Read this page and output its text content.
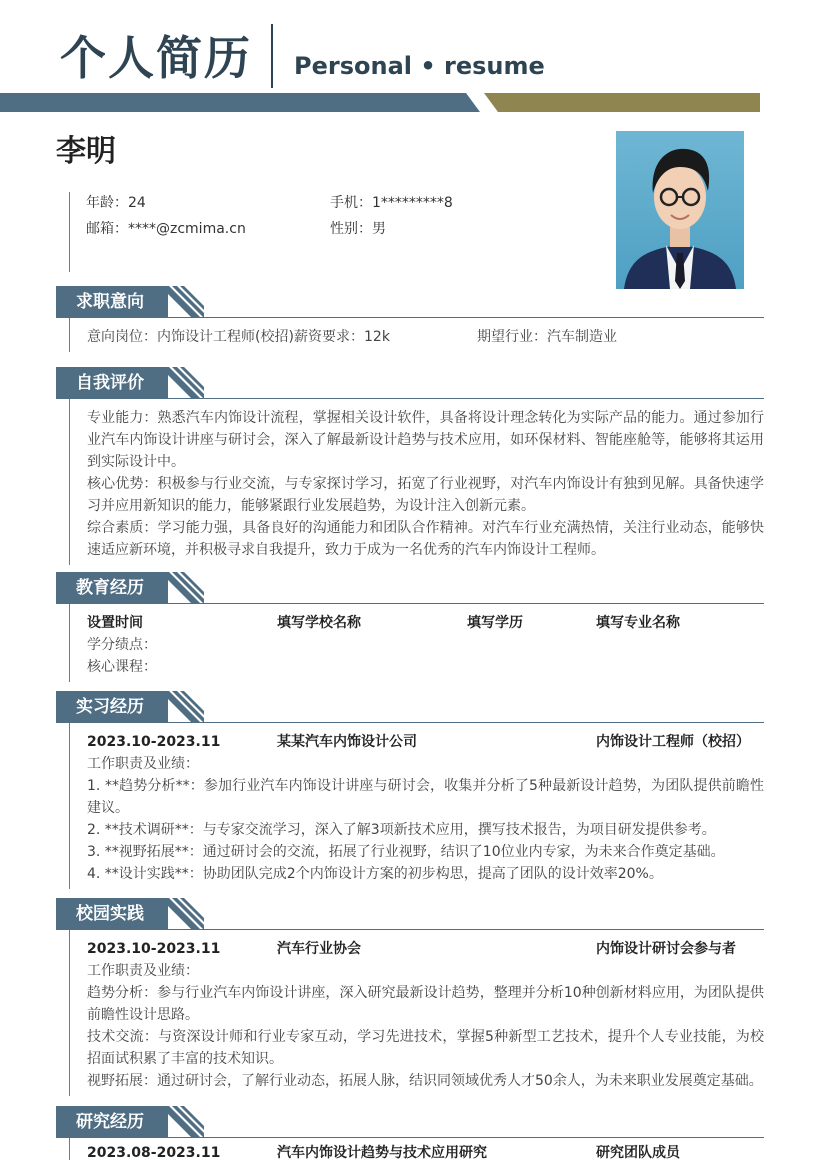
个人简历 Personal • resume
李明
年龄：24	手机：1*********8
邮箱：****@zcmima.cn	性别：男
求职意向
意向岗位：内饰设计工程师(校招) 薪资要求：12k	期望行业：汽车制造业
自我评价

专业能力：熟悉汽车内饰设计流程，掌握相关设计软件，具备将设计理念转化为实际产品的能力。通过参加行业汽车内饰设计讲座与研讨会，深入了解最新设计趋势与技术应用，如环保材料、智能座舱等，能够将其运用到实际设计中。

核心优势：积极参与行业交流，与专家探讨学习，拓宽了行业视野，对汽车内饰设计有独到见解。具备快速学习并应用新知识的能力，能够紧跟行业发展趋势，为设计注入创新元素。

综合素质：学习能力强，具备良好的沟通能力和团队合作精神。对汽车行业充满热情，关注行业动态，能够快速适应新环境，并积极寻求自我提升，致力于成为一名优秀的汽车内饰设计工程师。

教育经历
设置时间	填写学校名称	填写学历	填写专业名称
学分绩点：
核心课程：
实习经历
2023.10-2023.11	某某汽车内饰设计公司	内饰设计工程师（校招）
工作职责及业绩：

1. **趋势分析**：参加行业汽车内饰设计讲座与研讨会，收集并分析了5种最新设计趋势，为团队提供前瞻性建议。

2. **技术调研**：与专家交流学习，深入了解3项新技术应用，撰写技术报告，为项目研发提供参考。

3. **视野拓展**：通过研讨会的交流，拓展了行业视野，结识了10位业内专家，为未来合作奠定基础。

4. **设计实践**：协助团队完成2个内饰设计方案的初步构思，提高了团队的设计效率20%。

校园实践
2023.10-2023.11	汽车行业协会	内饰设计研讨会参与者
工作职责及业绩：

趋势分析：参与行业汽车内饰设计讲座，深入研究最新设计趋势，整理并分析10种创新材料应用，为团队提供前瞻性设计思路。

技术交流：与资深设计师和行业专家互动，学习先进技术，掌握5种新型工艺技术，提升个人专业技能，为校招面试积累了丰富的技术知识。

视野拓展：通过研讨会，了解行业动态，拓展人脉，结识同领域优秀人才50余人，为未来职业发展奠定基础。

研究经历
2023.08-2023.11	汽车内饰设计趋势与技术应用研究	研究团队成员
